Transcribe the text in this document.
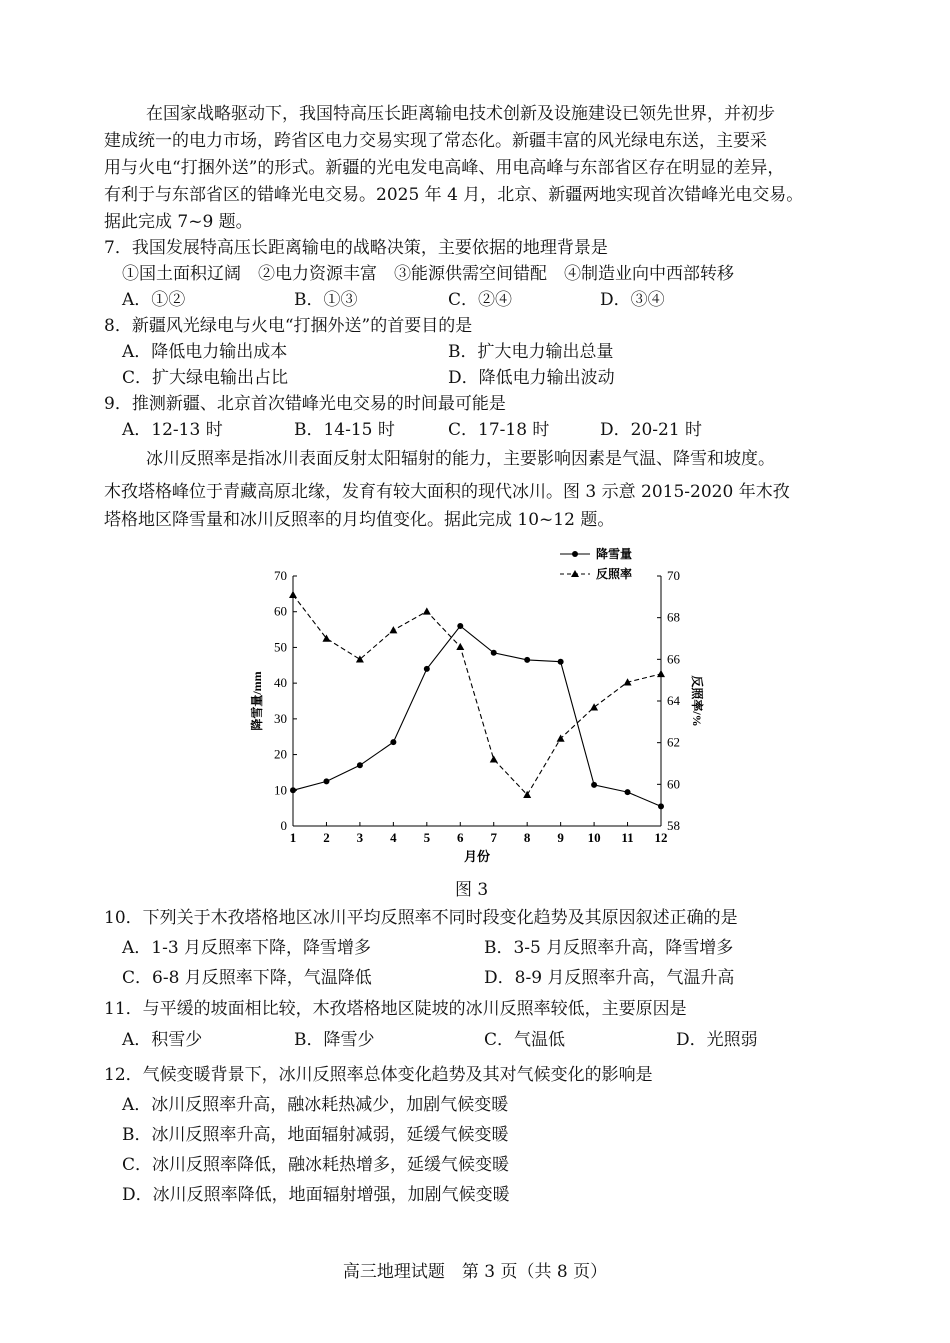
在国家战略驱动下，我国特高压长距离输电技术创新及设施建设已领先世界，并初步
建成统一的电力市场，跨省区电力交易实现了常态化。新疆丰富的风光绿电东送，主要采
用与火电“打捆外送”的形式。新疆的光电发电高峰、用电高峰与东部省区存在明显的差异，
有利于与东部省区的错峰光电交易。2025 年 4 月，北京、新疆两地实现首次错峰光电交易。
据此完成 7~9 题。
7．我国发展特高压长距离输电的战略决策，主要依据的地理背景是
①国土面积辽阔　②电力资源丰富　③能源供需空间错配　④制造业向中西部转移
A．①②	B．①③	C．②④	D．③④
8．新疆风光绿电与火电“打捆外送”的首要目的是
A．降低电力输出成本	B．扩大电力输出总量
C．扩大绿电输出占比	D．降低电力输出波动
9．推测新疆、北京首次错峰光电交易的时间最可能是
A．12-13 时	B．14-15 时	C．17-18 时	D．20-21 时
冰川反照率是指冰川表面反射太阳辐射的能力，主要影响因素是气温、降雪和坡度。
木孜塔格峰位于青藏高原北缘，发育有较大面积的现代冰川。图 3 示意 2015-2020 年木孜
塔格地区降雪量和冰川反照率的月均值变化。据此完成 10~12 题。
月份
降雪量/mm	反照率/%
0
10
20
30
40
50
60
70
58
60
62
64
66
68
70
1 2 3 4 5 6 7 8 9 10 11 12
降雪量
反照率
图 3
10．下列关于木孜塔格地区冰川平均反照率不同时段变化趋势及其原因叙述正确的是
A．1-3 月反照率下降，降雪增多	B．3-5 月反照率升高，降雪增多
C．6-8 月反照率下降，气温降低	D．8-9 月反照率升高，气温升高
11．与平缓的坡面相比较，木孜塔格地区陡坡的冰川反照率较低，主要原因是
A．积雪少	B．降雪少	C．气温低	D．光照弱
12．气候变暖背景下，冰川反照率总体变化趋势及其对气候变化的影响是
A．冰川反照率升高，融冰耗热减少，加剧气候变暖
B．冰川反照率升高，地面辐射减弱，延缓气候变暖
C．冰川反照率降低，融冰耗热增多，延缓气候变暖
D．冰川反照率降低，地面辐射增强，加剧气候变暖
高三地理试题　第 3 页（共 8 页）
